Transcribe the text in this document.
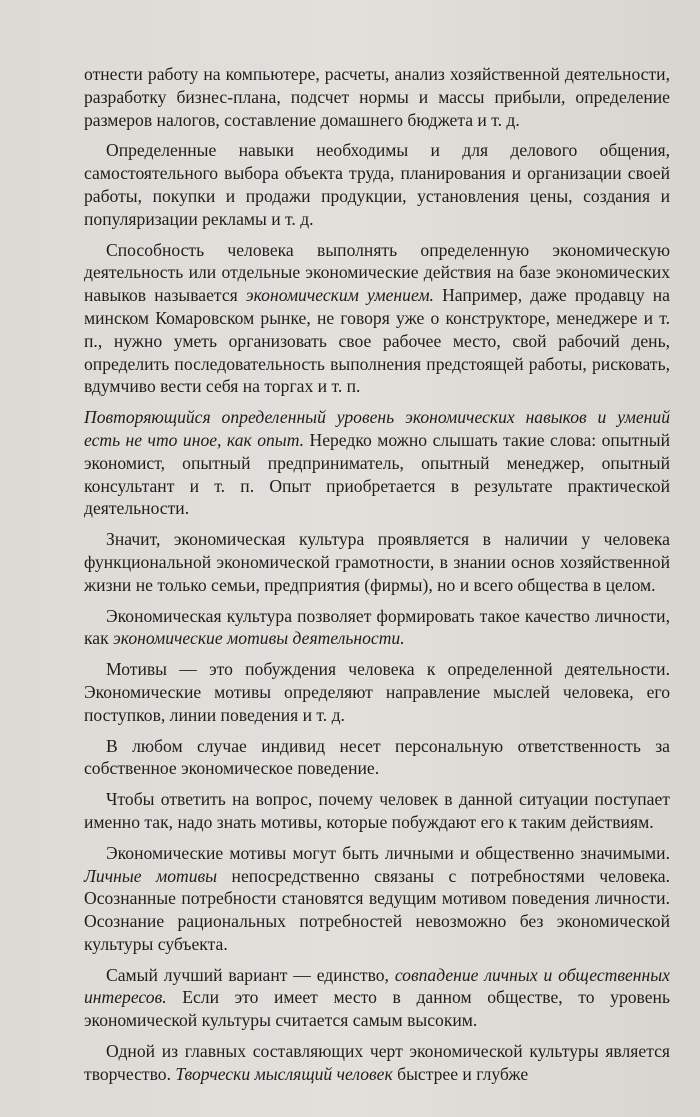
отнести работу на компьютере, расчеты, анализ хозяйственной деятельности, разработку бизнес-плана, подсчет нормы и массы прибыли, определение размеров налогов, составление домашнего бюджета и т. д.

Определенные навыки необходимы и для делового общения, самостоятельного выбора объекта труда, планирования и организации своей работы, покупки и продажи продукции, установления цены, создания и популяризации рекламы и т. д.

Способность человека выполнять определенную экономическую деятельность или отдельные экономические действия на базе экономических навыков называется экономическим умением. Например, даже продавцу на минском Комаровском рынке, не говоря уже о конструкторе, менеджере и т. п., нужно уметь организовать свое рабочее место, свой рабочий день, определить последовательность выполнения предстоящей работы, рисковать, вдумчиво вести себя на торгах и т. п.

Повторяющийся определенный уровень экономических навыков и умений есть не что иное, как опыт. Нередко можно слышать такие слова: опытный экономист, опытный предприниматель, опытный менеджер, опытный консультант и т. п. Опыт приобретается в результате практической деятельности.

Значит, экономическая культура проявляется в наличии у человека функциональной экономической грамотности, в знании основ хозяйственной жизни не только семьи, предприятия (фирмы), но и всего общества в целом.

Экономическая культура позволяет формировать такое качество личности, как экономические мотивы деятельности.

Мотивы — это побуждения человека к определенной деятельности. Экономические мотивы определяют направление мыслей человека, его поступков, линии поведения и т. д.

В любом случае индивид несет персональную ответственность за собственное экономическое поведение.

Чтобы ответить на вопрос, почему человек в данной ситуации поступает именно так, надо знать мотивы, которые побуждают его к таким действиям.

Экономические мотивы могут быть личными и общественно значимыми. Личные мотивы непосредственно связаны с потребностями человека. Осознанные потребности становятся ведущим мотивом поведения личности. Осознание рациональных потребностей невозможно без экономической культуры субъекта.

Самый лучший вариант — единство, совпадение личных и общественных интересов. Если это имеет место в данном обществе, то уровень экономической культуры считается самым высоким.

Одной из главных составляющих черт экономической культуры является творчество. Творчески мыслящий человек быстрее и глубже
